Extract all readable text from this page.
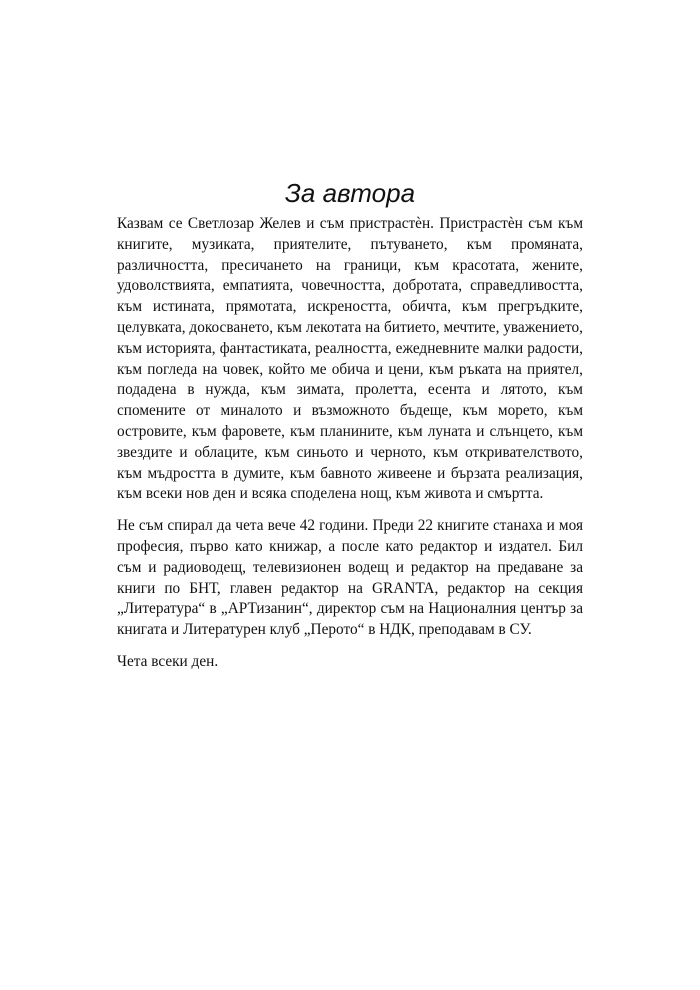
За автора

Казвам се Светлозар Желев и съм пристрастѐн. Пристрастѐн съм към книгите, музиката, приятелите, пътуването, към промяната, различността, пресичането на граници, към красотата, жените, удоволствията, емпатията, човечността, добротата, справедливостта, към истината, прямотата, искреността, обичта, към прегръдките, целувката, докосването, към лекотата на битието, мечтите, уважението, към историята, фантастиката, реалността, ежедневните малки радости, към погледа на човек, който ме обича и цени, към ръката на приятел, подадена в нужда, към зимата, пролетта, есента и лятото, към спомените от миналото и възможното бъдеще, към морето, към островите, към фаровете, към планините, към луната и слънцето, към звездите и облаците, към синьото и черното, към откривателството, към мъдростта в думите, към бавното живеене и бързата реализация, към всеки нов ден и всяка споделена нощ, към живота и смъртта.

Не съм спирал да чета вече 42 години. Преди 22 книгите станаха и моя професия, първо като книжар, а после като редактор и издател. Бил съм и радиоводещ, телевизионен водещ и редактор на предаване за книги по БНТ, главен редактор на GRANTA, редактор на секция „Литература“ в „АРТизанин“, директор съм на Националния център за книгата и Литературен клуб „Перото“ в НДК, преподавам в СУ.

Чета всеки ден.
